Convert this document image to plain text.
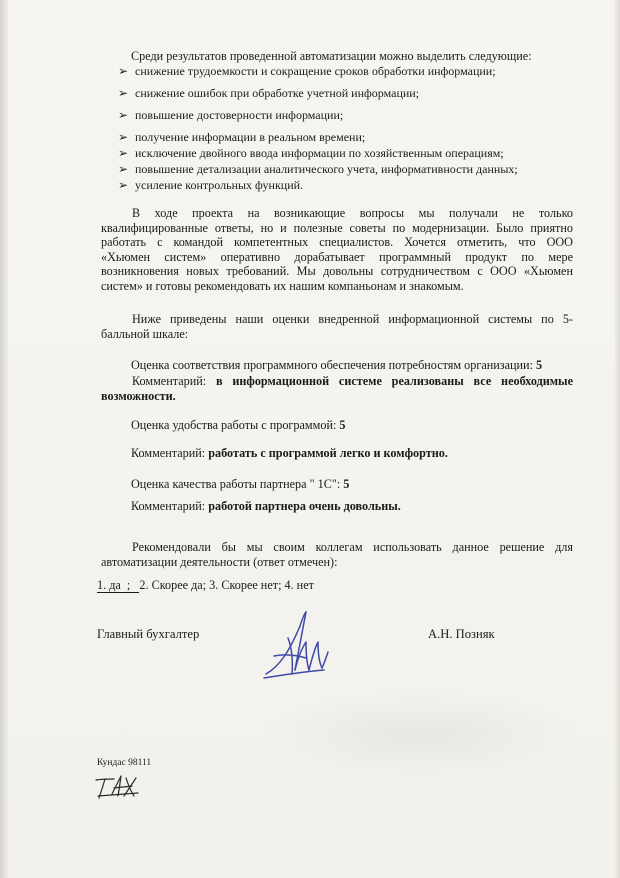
Среди результатов проведенной автоматизации можно выделить следующие:
➢ снижение трудоемкости и сокращение сроков обработки информации;
➢ снижение ошибок при обработке учетной информации;
➢ повышение достоверности информации;
➢ получение информации в реальном времени;
➢ исключение двойного ввода информации по хозяйственным операциям;
➢ повышение детализации аналитического учета, информативности данных;
➢ усиление контрольных функций.
В ходе проекта на возникающие вопросы мы получали не только
квалифицированные ответы, но и полезные советы по модернизации. Было приятно
работать с командой компетентных специалистов. Хочется отметить, что ООО
«Хьюмен систем» оперативно дорабатывает программный продукт по мере
возникновения новых требований. Мы довольны сотрудничеством с ООО «Хьюмен
систем» и готовы рекомендовать их нашим компаньонам и знакомым.
Ниже приведены наши оценки внедренной информационной системы по 5-
балльной шкале:
Оценка соответствия программного обеспечения потребностям организации: 5
Комментарий: в информационной системе реализованы все необходимые
возможности.
Оценка удобства работы с программой: 5
Комментарий: работать с программой легко и комфортно.
Оценка качества работы партнера " 1С": 5
Комментарий: работой партнера очень довольны.
Рекомендовали бы мы своим коллегам использовать данное решение для
автоматизации деятельности (ответ отмечен):
1. да  ;   2. Скорее да; 3. Скорее нет; 4. нет
Главный бухгалтер	А.Н. Позняк
Кундас 98111
